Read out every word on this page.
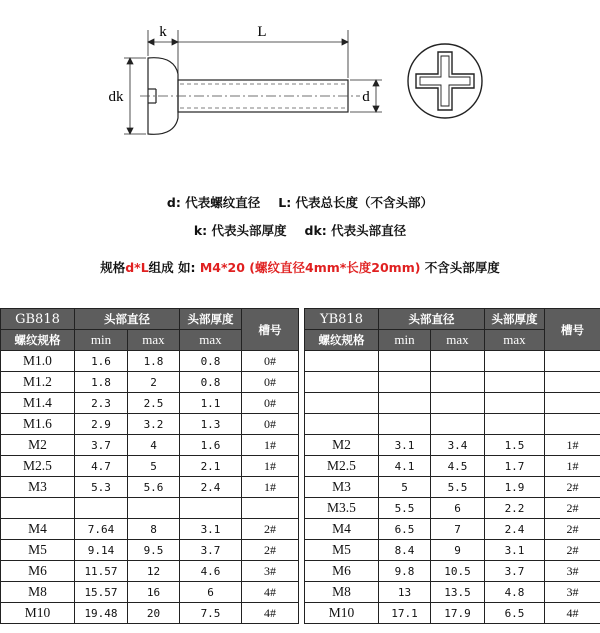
k	L
dk	d
d: 代表螺纹直径 L: 代表总长度（不含头部）
k: 代表头部厚度 dk: 代表头部直径
规格d*L组成 如: M4*20 (螺纹直径4mm*长度20mm) 不含头部厚度
GB818	头部直径		头部厚度	槽号
螺纹规格	min	max	max	
M1.0	1.6	1.8	0.8	0#
M1.2	1.8	2	0.8	0#
M1.4	2.3	2.5	1.1	0#
M1.6	2.9	3.2	1.3	0#
M2	3.7	4	1.6	1#
M2.5	4.7	5	2.1	1#
M3	5.3	5.6	2.4	1#

M4	7.64	8	3.1	2#
M5	9.14	9.5	3.7	2#
M6	11.57	12	4.6	3#
M8	15.57	16	6	4#
M10	19.48	20	7.5	4#
YB818	头部直径		头部厚度	槽号
螺纹规格	min	max	max	

M2	3.1	3.4	1.5	1#
M2.5	4.1	4.5	1.7	1#
M3	5	5.5	1.9	2#
M3.5	5.5	6	2.2	2#
M4	6.5	7	2.4	2#
M5	8.4	9	3.1	2#
M6	9.8	10.5	3.7	3#
M8	13	13.5	4.8	3#
M10	17.1	17.9	6.5	4#
